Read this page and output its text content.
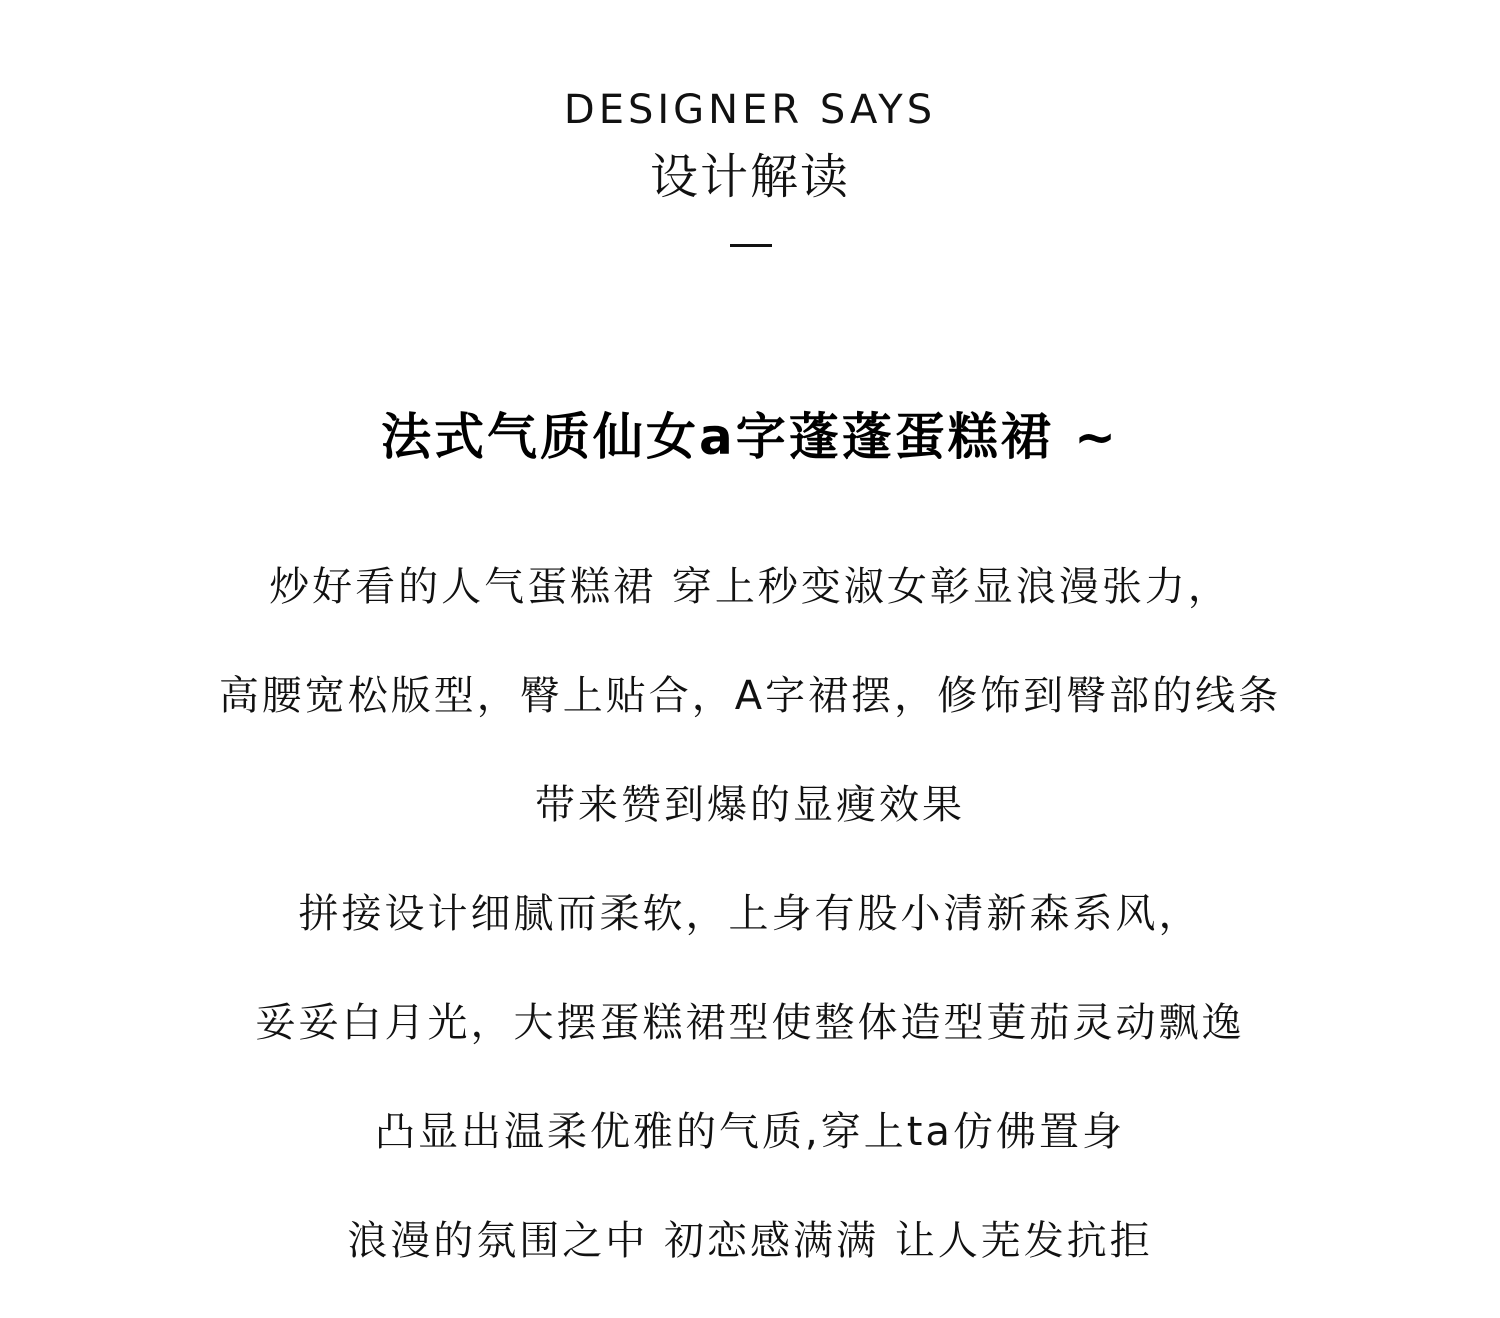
DESIGNER SAYS
设计解读
法式气质仙女a字蓬蓬蛋糕裙 ~
炒好看的人气蛋糕裙 穿上秒变淑女彰显浪漫张力，
高腰宽松版型，臀上贴合，A字裙摆，修饰到臀部的线条
带来赞到爆的显瘦效果
拼接设计细腻而柔软，上身有股小清新森系风，
妥妥白月光，大摆蛋糕裙型使整体造型莄茄灵动飘逸
凸显出温柔优雅的气质,穿上ta仿佛置身
浪漫的氛围之中 初恋感满满 让人芜发抗拒
